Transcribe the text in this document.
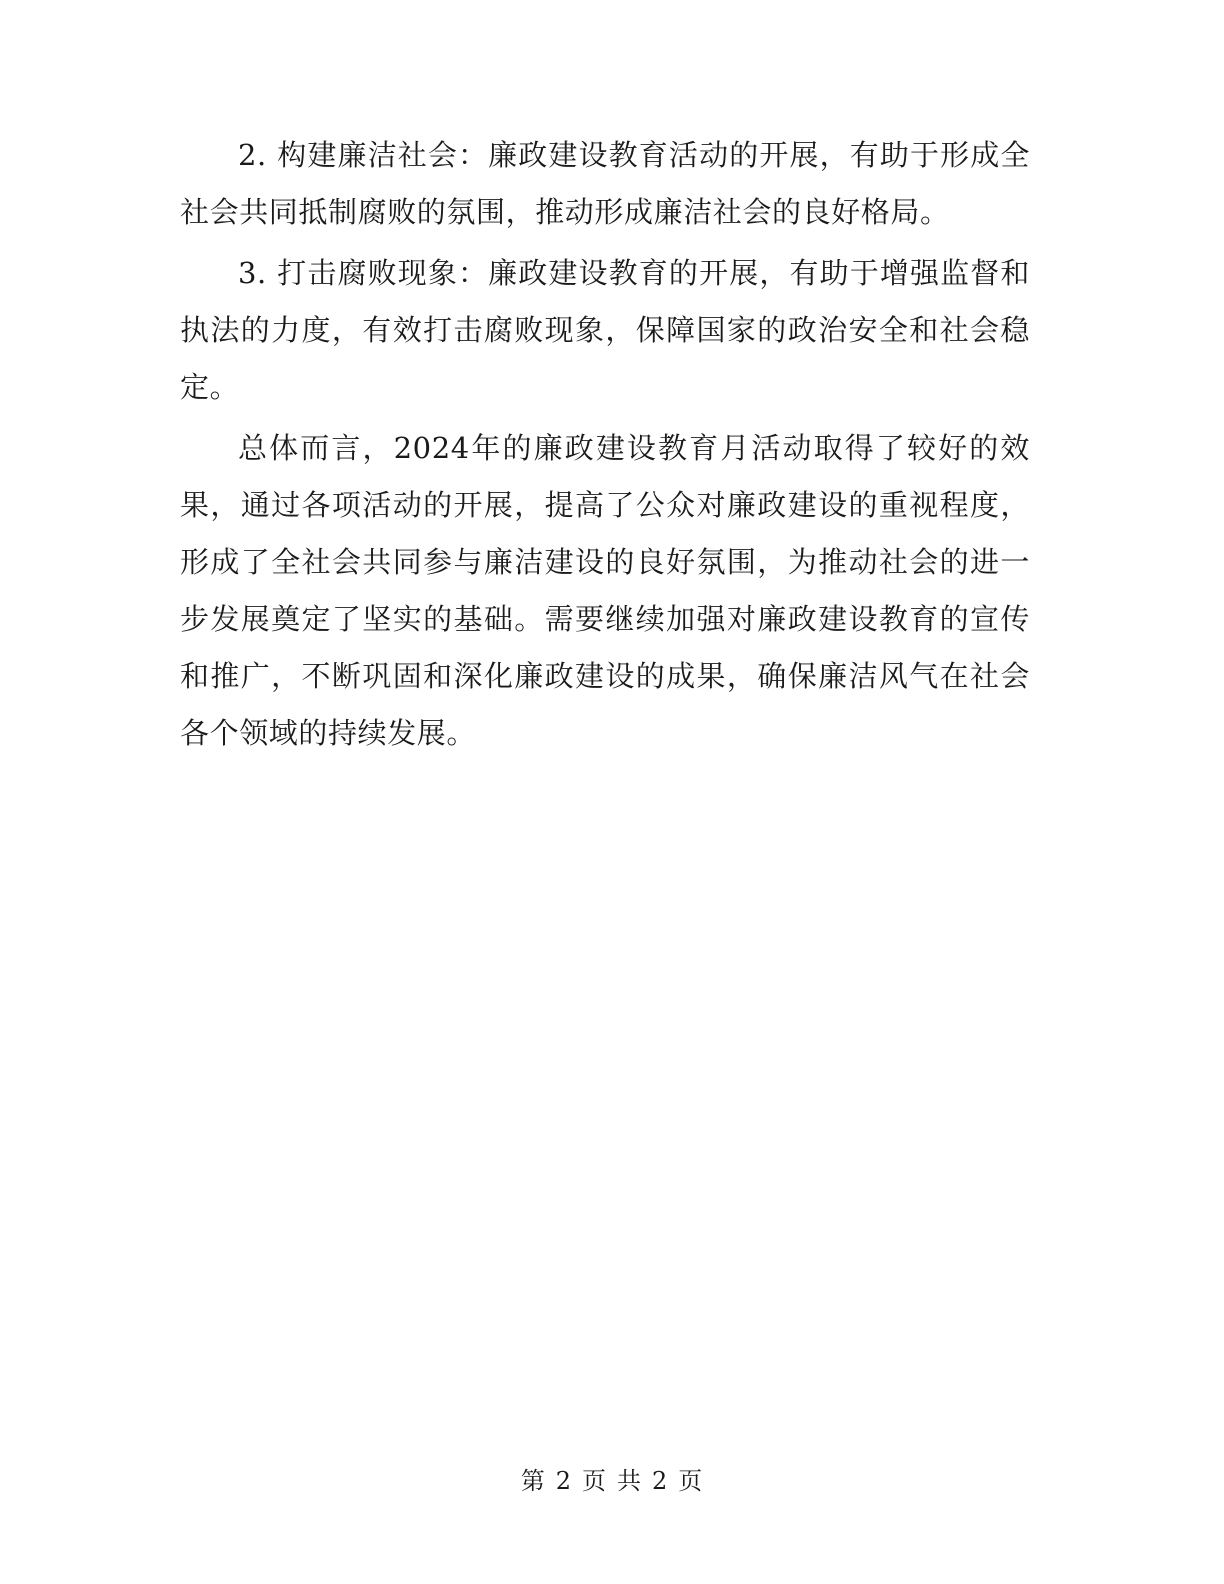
2. 构建廉洁社会：廉政建设教育活动的开展，有助于形成全社会共同抵制腐败的氛围，推动形成廉洁社会的良好格局。

3. 打击腐败现象：廉政建设教育的开展，有助于增强监督和执法的力度，有效打击腐败现象，保障国家的政治安全和社会稳定。

总体而言，2024年的廉政建设教育月活动取得了较好的效果，通过各项活动的开展，提高了公众对廉政建设的重视程度，形成了全社会共同参与廉洁建设的良好氛围，为推动社会的进一步发展奠定了坚实的基础。需要继续加强对廉政建设教育的宣传和推广，不断巩固和深化廉政建设的成果，确保廉洁风气在社会各个领域的持续发展。

第 2 页 共 2 页
